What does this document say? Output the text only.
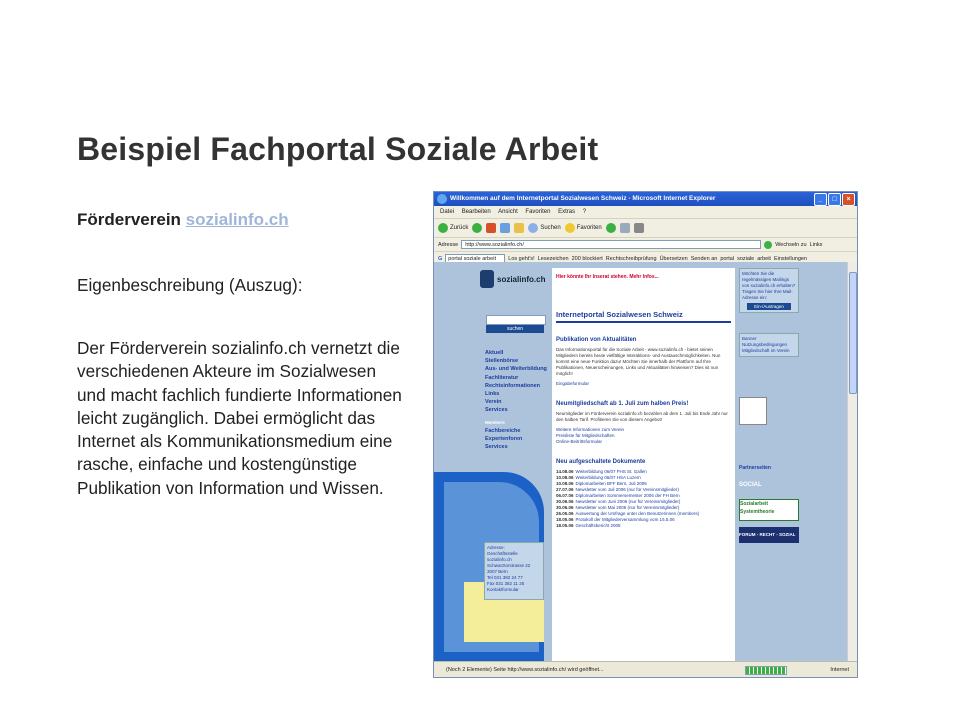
Beispiel Fachportal Soziale Arbeit

Förderverein sozialinfo.ch

Eigenbeschreibung (Auszug):

Der Förderverein sozialinfo.ch vernetzt die verschiedenen Akteure im Sozialwesen und macht fachlich fundierte Informationen leicht zugänglich. Dabei ermöglicht das Internet als Kommunikationsmedium eine rasche, einfache und kostengünstige Publikation von Information und Wissen.

Willkommen auf dem Internetportal Sozialwesen Schweiz - Microsoft Internet Explorer	_	□	×
Datei Bearbeiten Ansicht Favoriten Extras ?
Zurück	Suchen	Favoriten
Adresse	http://www.sozialinfo.ch/	Wechseln zu Links
G	portal soziale arbeit	Los geht's! Lesezeichen 200 blockiert Rechtschreibprüfung Übersetzen Senden an portal soziale arbeit Einstellungen
sozialinfo.ch
suchen
Aktuell
Stellenbörse
Aus- und Weiterbildung
Fachliteratur
Rechtsinformationen
Links
Verein
Services
Members
Fachbereiche
Expertenforen
Services
Adresse:
Geschäftsstelle sozialinfo.ch
Schwarztorstrasse 22
3007 Bern
Tel 031 382 24 77
Fax 031 382 11 25
Kontaktformular
Hier könnte Ihr Inserat stehen. Mehr Infos...
Internetportal Sozialwesen Schweiz
Publikation von Aktualitäten
Das Informationsportal für die Soziale Arbeit - www.sozialinfo.ch - bietet seinen Mitgliedern bereits heute vielfältige Interaktions- und Austauschmöglichkeiten. Nun kommt eine neue Funktion dazu! Möchten Sie innerhalb der Plattform auf Ihre Publikationen, Neuerscheinungen, Links und Aktualitäten hinweisen? Dies ist nun möglich!
Eingabeformular
Neumitgliedschaft ab 1. Juli zum halben Preis!
Neumitglieder im Förderverein sozialinfo.ch bezahlen ab dem 1. Juli bis Ende Jahr nur den halben Tarif. Profitieren Sie von diesem Angebot!
Weitere Informationen zum Verein
Preisliste für Mitgliedschaften
Online-Beitrittsformular
Neu aufgeschaltete Dokumente
14.08.06 Weiterbildung 06/07 FHS St. Gallen
10.08.06 Weiterbildung 06/07 HSA Luzern
10.08.06 Diplomarbeiten BFF Bern, Juli 2006
27.07.06 Newsletter vom Juli 2006 (nur für Vereinsmitglieder)
06.07.06 Diplomarbeiten Sommersemester 2006 der FH Bern
30.06.06 Newsletter vom Juni 2006 (nur für Vereinsmitglieder)
30.06.06 Newsletter vom Mai 2006 (nur für Vereinsmitglieder)
26.05.06 Auswertung der Umfrage unter den Benutzerinnen (members)
18.05.06 Protokoll der Mitgliederversammlung vom 15.5.06
18.05.06 Geschäftsbericht 2005
Möchten Sie die regelmässigen Mailings von sozialinfo.ch erhalten? Tragen Sie hier Ihre Mail-Adresse ein:
Ein-/Austragen
Banner
Nutzungsbedingungen
Mitgliedschaft im Verein
Partnerseiten
SOCIAL
Sozialarbeit Systemtheorie
FORUM - RECHT - SOZIAL
(Noch 2 Elemente) Seite http://www.sozialinfo.ch/ wird geöffnet...	Internet
